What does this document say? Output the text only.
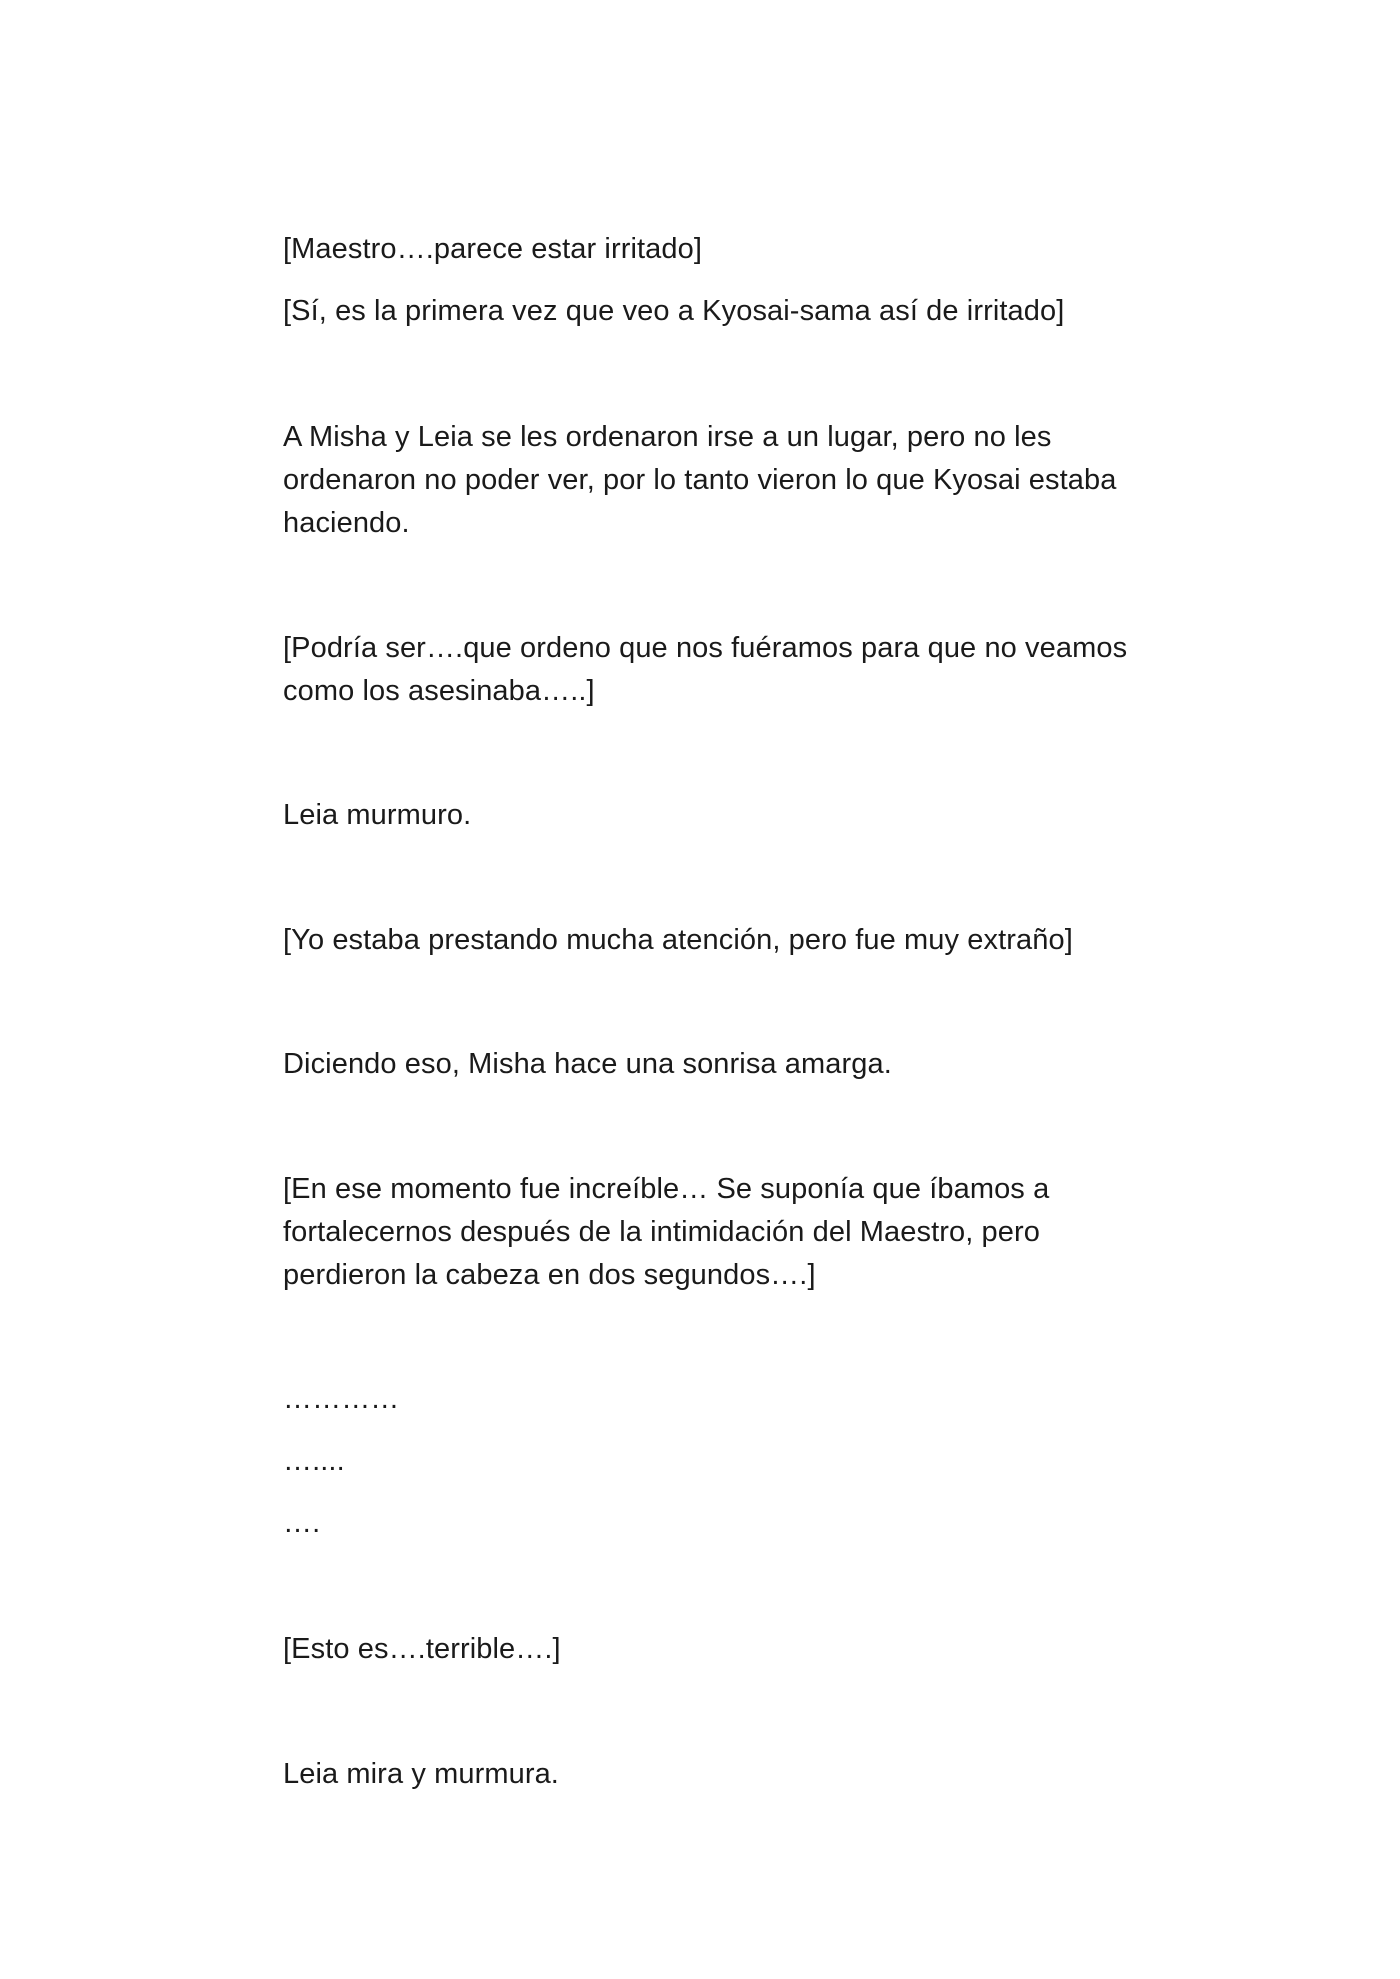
[Maestro….parece estar irritado]
[Sí, es la primera vez que veo a Kyosai-sama así de irritado]
A Misha y Leia se les ordenaron irse a un lugar, pero no les
ordenaron no poder ver, por lo tanto vieron lo que Kyosai estaba
haciendo.
[Podría ser….que ordeno que nos fuéramos para que no veamos
como los asesinaba…..]
Leia murmuro.
[Yo estaba prestando mucha atención, pero fue muy extraño]
Diciendo eso, Misha hace una sonrisa amarga.
[En ese momento fue increíble… Se suponía que íbamos a
fortalecernos después de la intimidación del Maestro, pero
perdieron la cabeza en dos segundos….]
…………
…....
….
[Esto es….terrible….]
Leia mira y murmura.
